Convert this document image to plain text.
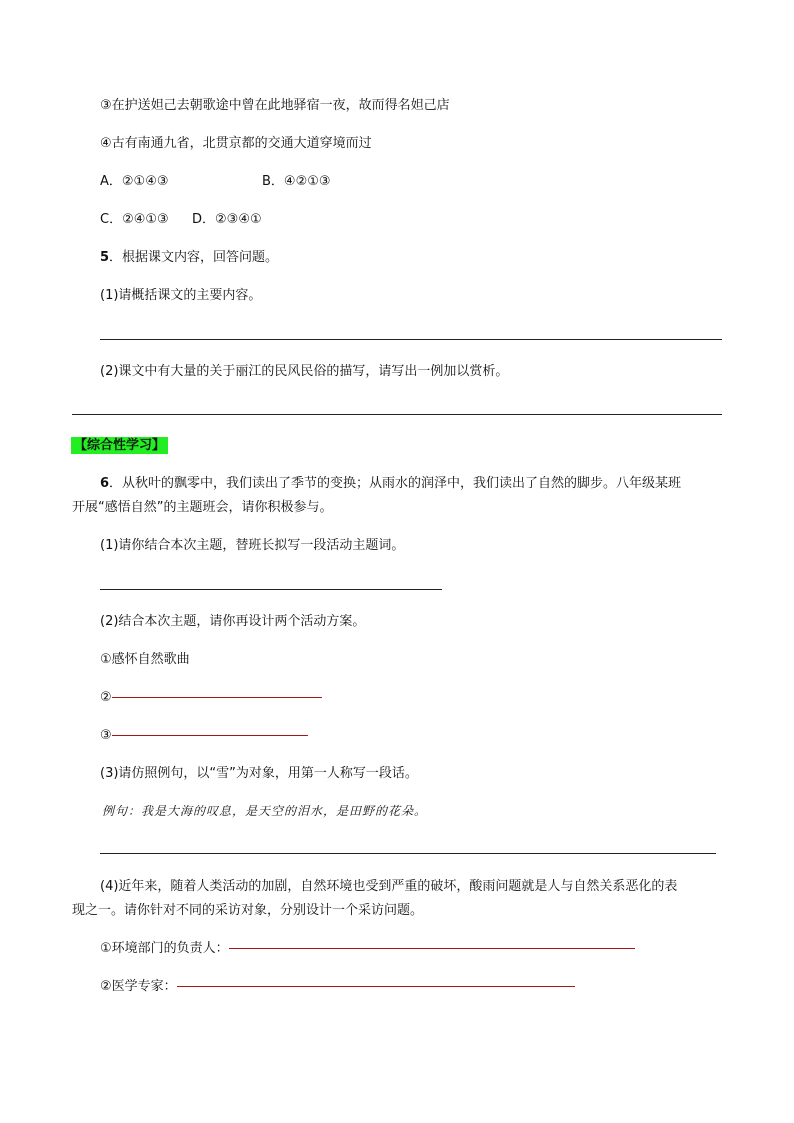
③在护送妲己去朝歌途中曾在此地驿宿一夜，故而得名妲己店
④古有南通九省，北贯京都的交通大道穿境而过
A．②①④③	B．④②①③
C．②④①③ D．②③④①
5．根据课文内容，回答问题。
(1)请概括课文的主要内容。
(2)课文中有大量的关于丽江的民风民俗的描写，请写出一例加以赏析。
【综合性学习】
6．从秋叶的飘零中，我们读出了季节的变换；从雨水的润泽中，我们读出了自然的脚步。八年级某班
开展“感悟自然”的主题班会，请你积极参与。
(1)请你结合本次主题，替班长拟写一段活动主题词。
(2)结合本次主题，请你再设计两个活动方案。
①感怀自然歌曲
②
③
(3)请仿照例句，以“雪”为对象，用第一人称写一段话。
例句：我是大海的叹息，是天空的泪水，是田野的花朵。
(4)近年来，随着人类活动的加剧，自然环境也受到严重的破坏，酸雨问题就是人与自然关系恶化的表
现之一。请你针对不同的采访对象，分别设计一个采访问题。
①环境部门的负责人：
②医学专家：
